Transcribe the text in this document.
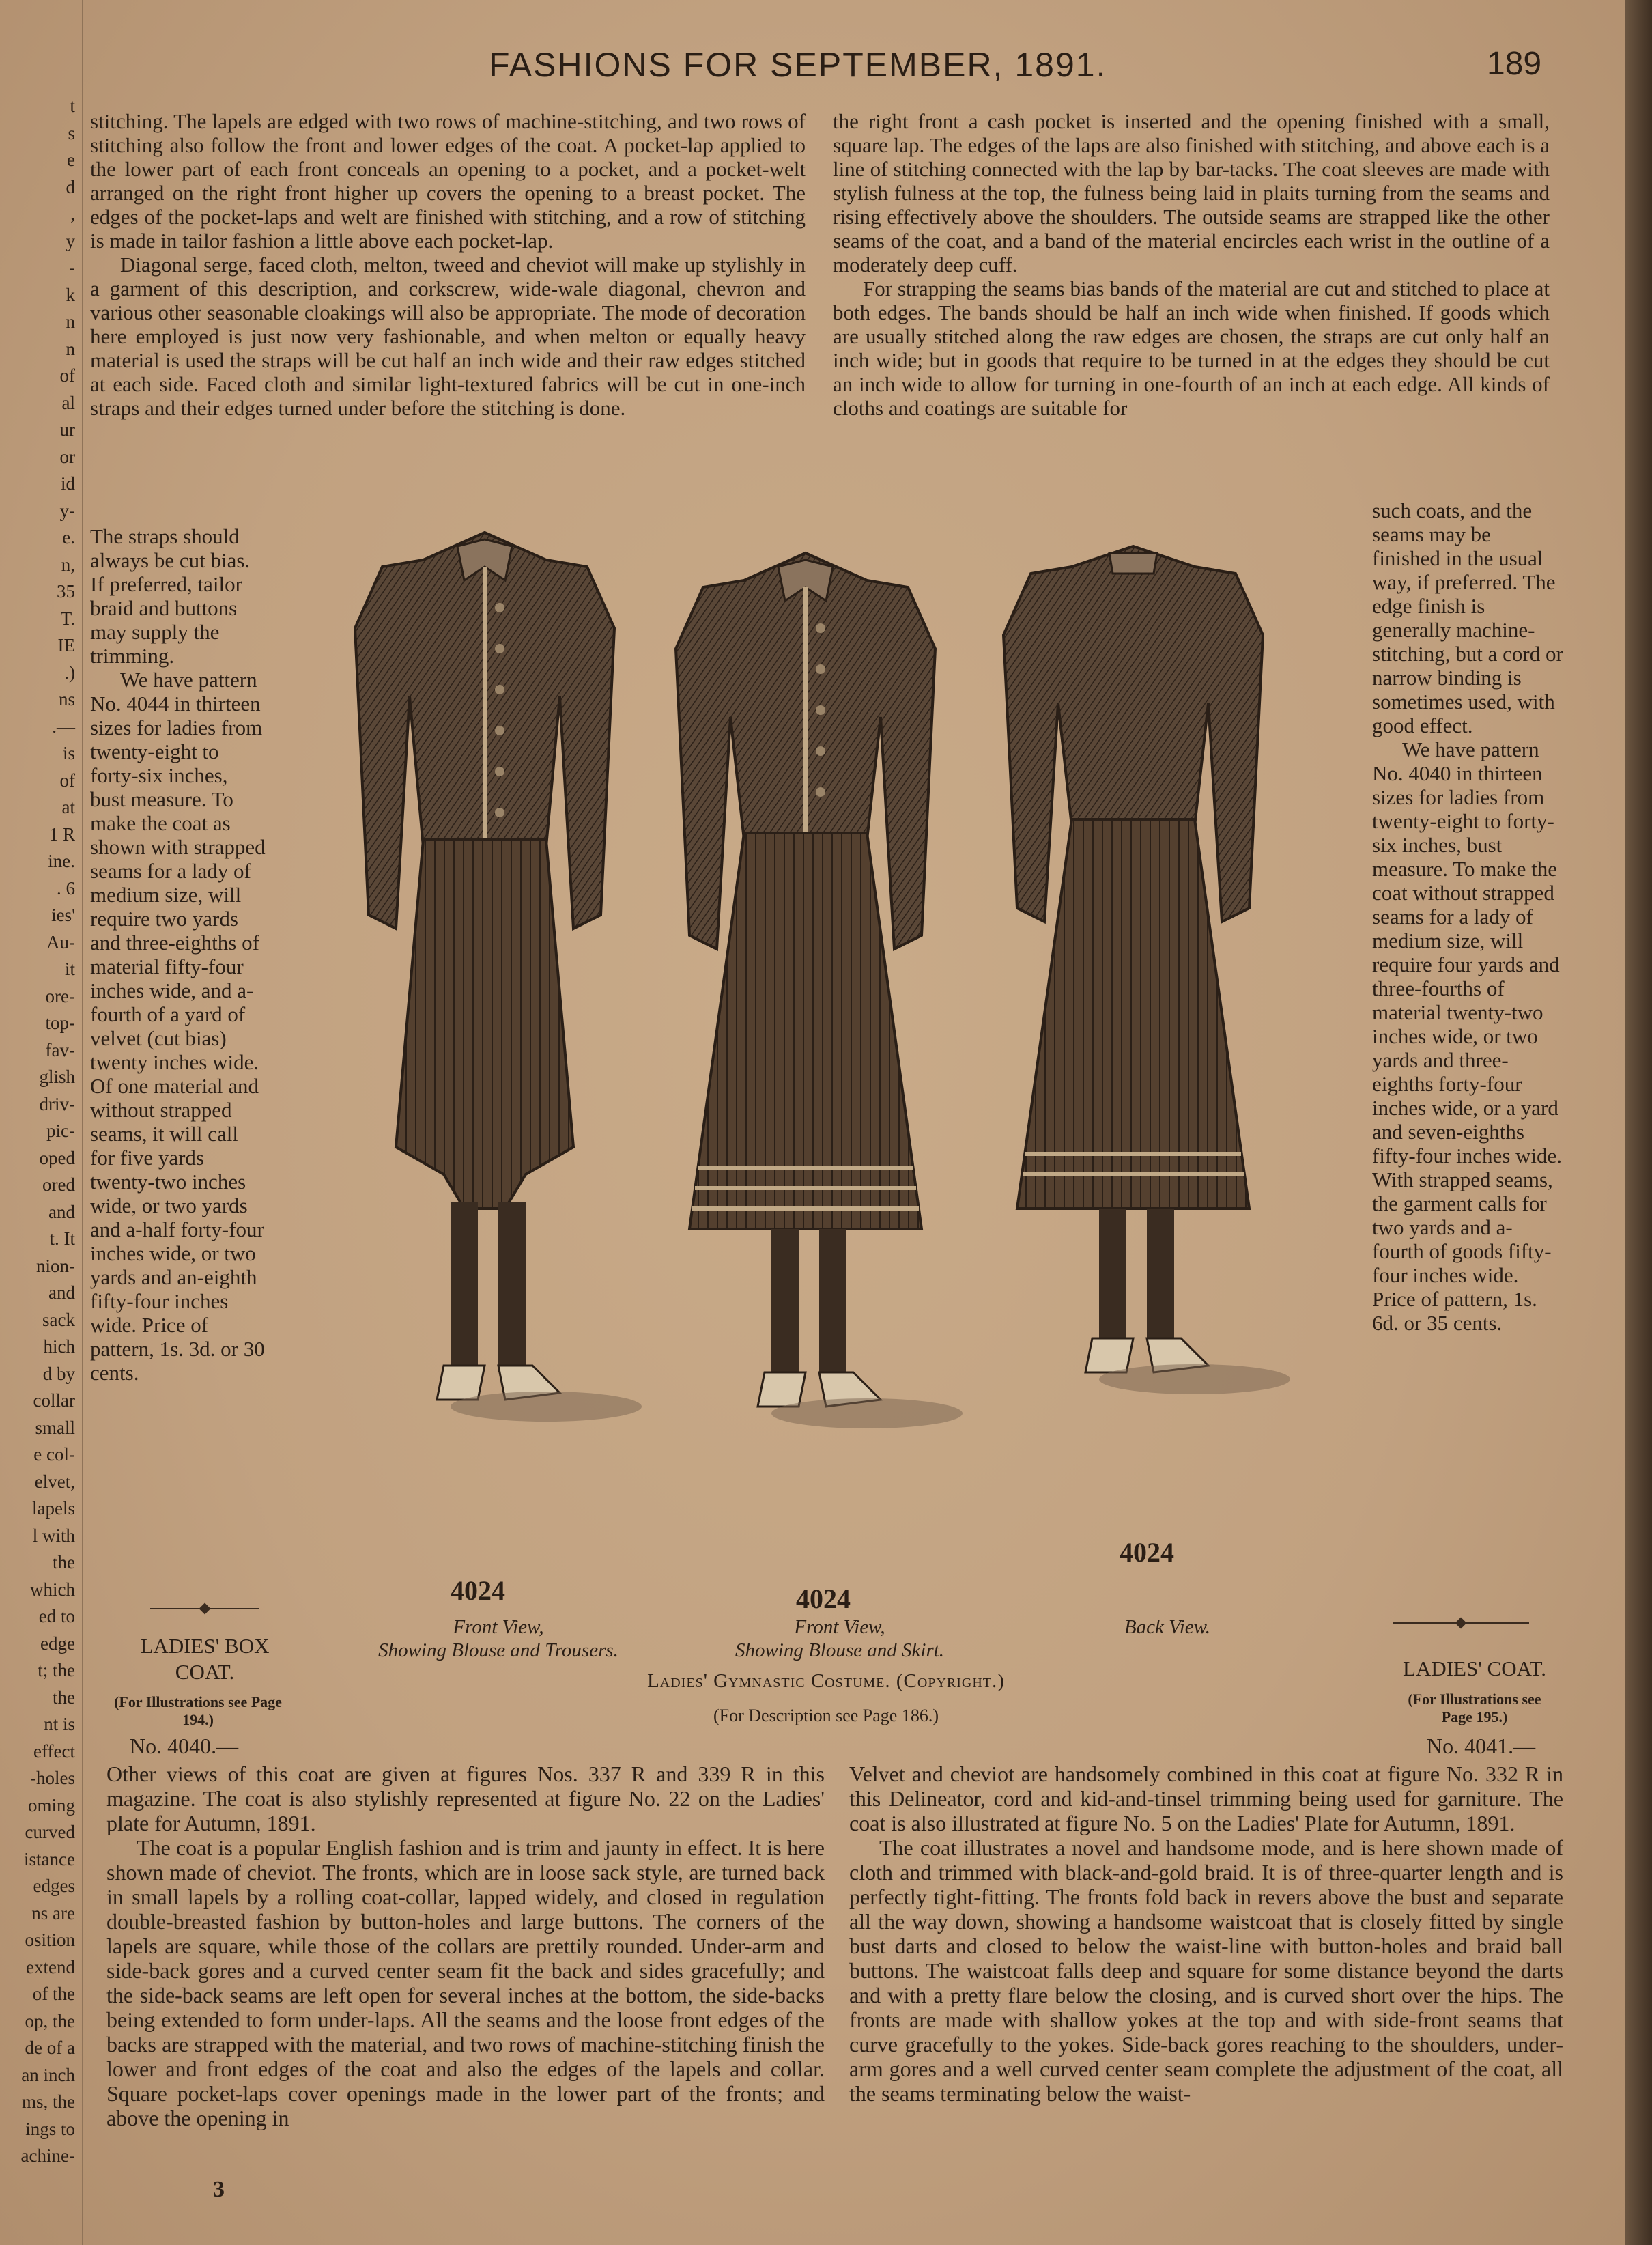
t
s
e
d
,
y
-
k
n
n
of
al
ur
or
id
y-
e.
n,
35
T.
IE
.)
ns
.—
is
of
at
1 R
ine.
. 6
ies'
Au-
it
ore-
top-
fav-
glish
driv-
pic-
oped
ored
and
t. It
nion-
and
sack
hich
d by
collar
small
e col-
elvet,
lapels
l with
the
which
ed to
edge
t; the
the
nt is
effect
-holes
oming
curved
istance
edges
ns are
osition
extend
of the
op, the
de of a
an inch
ms, the
ings to
achine-
FASHIONS FOR SEPTEMBER, 1891.	189

stitching. The lapels are edged with two rows of machine-stitching, and two rows of stitching also follow the front and lower edges of the coat. A pocket-lap applied to the lower part of each front conceals an opening to a pocket, and a pocket-welt arranged on the right front higher up covers the opening to a breast pocket. The edges of the pocket-laps and welt are finished with stitching, and a row of stitching is made in tailor fashion a little above each pocket-lap.

Diagonal serge, faced cloth, melton, tweed and cheviot will make up stylishly in a garment of this description, and corkscrew, wide-wale diagonal, chevron and various other seasonable cloakings will also be appropriate. The mode of decoration here employed is just now very fashionable, and when melton or equally heavy material is used the straps will be cut half an inch wide and their raw edges stitched at each side. Faced cloth and similar light-textured fabrics will be cut in one-inch straps and their edges turned under before the stitching is done.

the right front a cash pocket is inserted and the opening finished with a small, square lap. The edges of the laps are also finished with stitching, and above each is a line of stitching connected with the lap by bar-tacks. The coat sleeves are made with stylish fulness at the top, the fulness being laid in plaits turning from the seams and rising effectively above the shoulders. The outside seams are strapped like the other seams of the coat, and a band of the material encircles each wrist in the outline of a moderately deep cuff.

For strapping the seams bias bands of the material are cut and stitched to place at both edges. The bands should be half an inch wide when finished. If goods which are usually stitched along the raw edges are chosen, the straps are cut only half an inch wide; but in goods that require to be turned in at the edges they should be cut an inch wide to allow for turning in one-fourth of an inch at each edge. All kinds of cloths and coatings are suitable for

The straps should always be cut bias. If preferred, tailor braid and buttons may supply the trimming.

We have pattern No. 4044 in thirteen sizes for ladies from twenty-eight to forty-six inches, bust measure. To make the coat as shown with strapped seams for a lady of medium size, will require two yards and three-eighths of material fifty-four inches wide, and a-fourth of a yard of velvet (cut bias) twenty inches wide. Of one material and without strapped seams, it will call for five yards twenty-two inches wide, or two yards and a-half forty-four inches wide, or two yards and an-eighth fifty-four inches wide. Price of pattern, 1s. 3d. or 30 cents.

such coats, and the seams may be finished in the usual way, if preferred. The edge finish is generally machine-stitching, but a cord or narrow binding is sometimes used, with good effect.

We have pattern No. 4040 in thirteen sizes for ladies from twenty-eight to forty-six inches, bust measure. To make the coat without strapped seams for a lady of medium size, will require four yards and three-fourths of material twenty-two inches wide, or two yards and three-eighths forty-four inches wide, or a yard and seven-eighths fifty-four inches wide. With strapped seams, the garment calls for two yards and a-fourth of goods fifty-four inches wide. Price of pattern, 1s. 6d. or 35 cents.

4024
Front View,
Showing Blouse and Trousers.
4024
Front View,
Showing Blouse and Skirt.
4024
Back View.
Ladies' Gymnastic Costume. (Copyright.)
(For Description see Page 186.)
LADIES' BOX
COAT.
(For Illustrations see Page 194.)
No. 4040.—

Other views of this coat are given at figures Nos. 337 R and 339 R in this magazine. The coat is also stylishly represented at figure No. 22 on the Ladies' plate for Autumn, 1891.

The coat is a popular English fashion and is trim and jaunty in effect. It is here shown made of cheviot. The fronts, which are in loose sack style, are turned back in small lapels by a rolling coat-collar, lapped widely, and closed in regulation double-breasted fashion by button-holes and large buttons. The corners of the lapels are square, while those of the collars are prettily rounded. Under-arm and side-back gores and a curved center seam fit the back and sides gracefully; and the side-back seams are left open for several inches at the bottom, the side-backs being extended to form under-laps. All the seams and the loose front edges of the backs are strapped with the material, and two rows of machine-stitching finish the lower and front edges of the coat and also the edges of the lapels and collar. Square pocket-laps cover openings made in the lower part of the fronts; and above the opening in

LADIES' COAT.
(For Illustrations see Page 195.)
No. 4041.—

Velvet and cheviot are handsomely combined in this coat at figure No. 332 R in this Delineator, cord and kid-and-tinsel trimming being used for garniture. The coat is also illustrated at figure No. 5 on the Ladies' Plate for Autumn, 1891.

The coat illustrates a novel and handsome mode, and is here shown made of cloth and trimmed with black-and-gold braid. It is of three-quarter length and is perfectly tight-fitting. The fronts fold back in revers above the bust and separate all the way down, showing a handsome waistcoat that is closely fitted by single bust darts and closed to below the waist-line with button-holes and braid ball buttons. The waistcoat falls deep and square for some distance beyond the darts and with a pretty flare below the closing, and is curved short over the hips. The fronts are made with shallow yokes at the top and with side-front seams that curve gracefully to the yokes. Side-back gores reaching to the shoulders, under-arm gores and a well curved center seam complete the adjustment of the coat, all the seams terminating below the waist-

3
